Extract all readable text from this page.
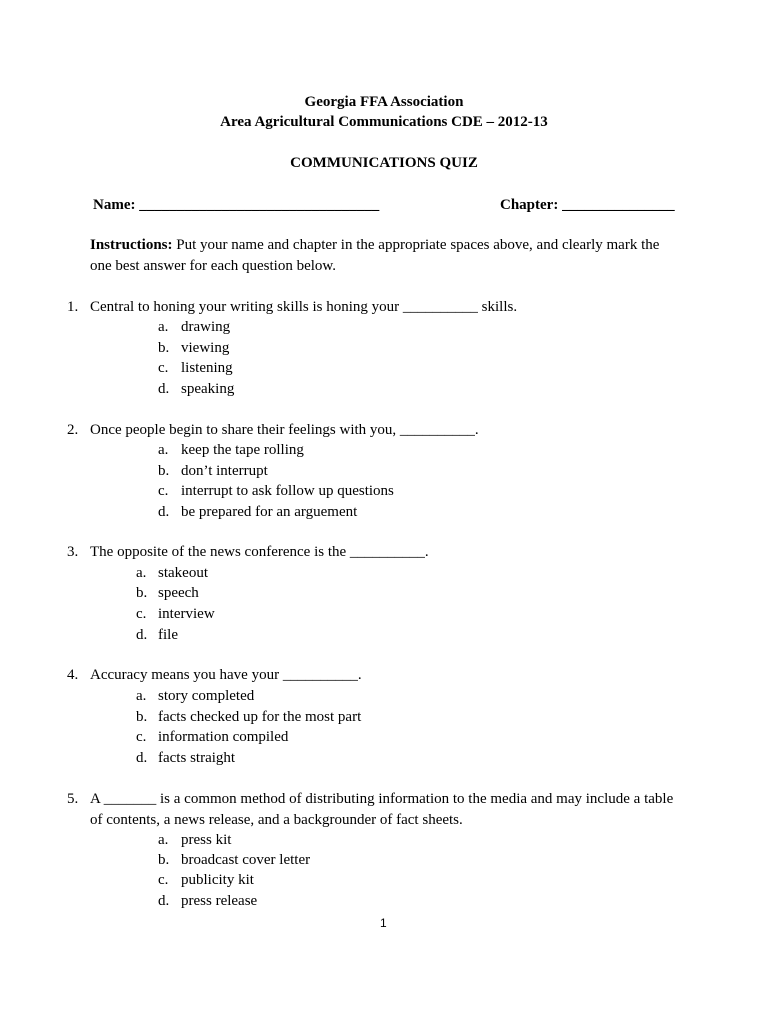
Georgia FFA Association
Area Agricultural Communications CDE – 2012-13
COMMUNICATIONS QUIZ
Name: ________________________________	Chapter: _______________
Instructions: Put your name and chapter in the appropriate spaces above, and clearly mark the one best answer for each question below.
1. Central to honing your writing skills is honing your __________ skills.
a. drawing
b. viewing
c. listening
d. speaking
2. Once people begin to share their feelings with you, __________.
a. keep the tape rolling
b. don’t interrupt
c. interrupt to ask follow up questions
d. be prepared for an arguement
3. The opposite of the news conference is the __________.
a. stakeout
b. speech
c. interview
d. file
4. Accuracy means you have your __________.
a. story completed
b. facts checked up for the most part
c. information compiled
d. facts straight
5. A _______ is a common method of distributing information to the media and may include a table of contents, a news release, and a backgrounder of fact sheets.
a. press kit
b. broadcast cover letter
c. publicity kit
d. press release
1
